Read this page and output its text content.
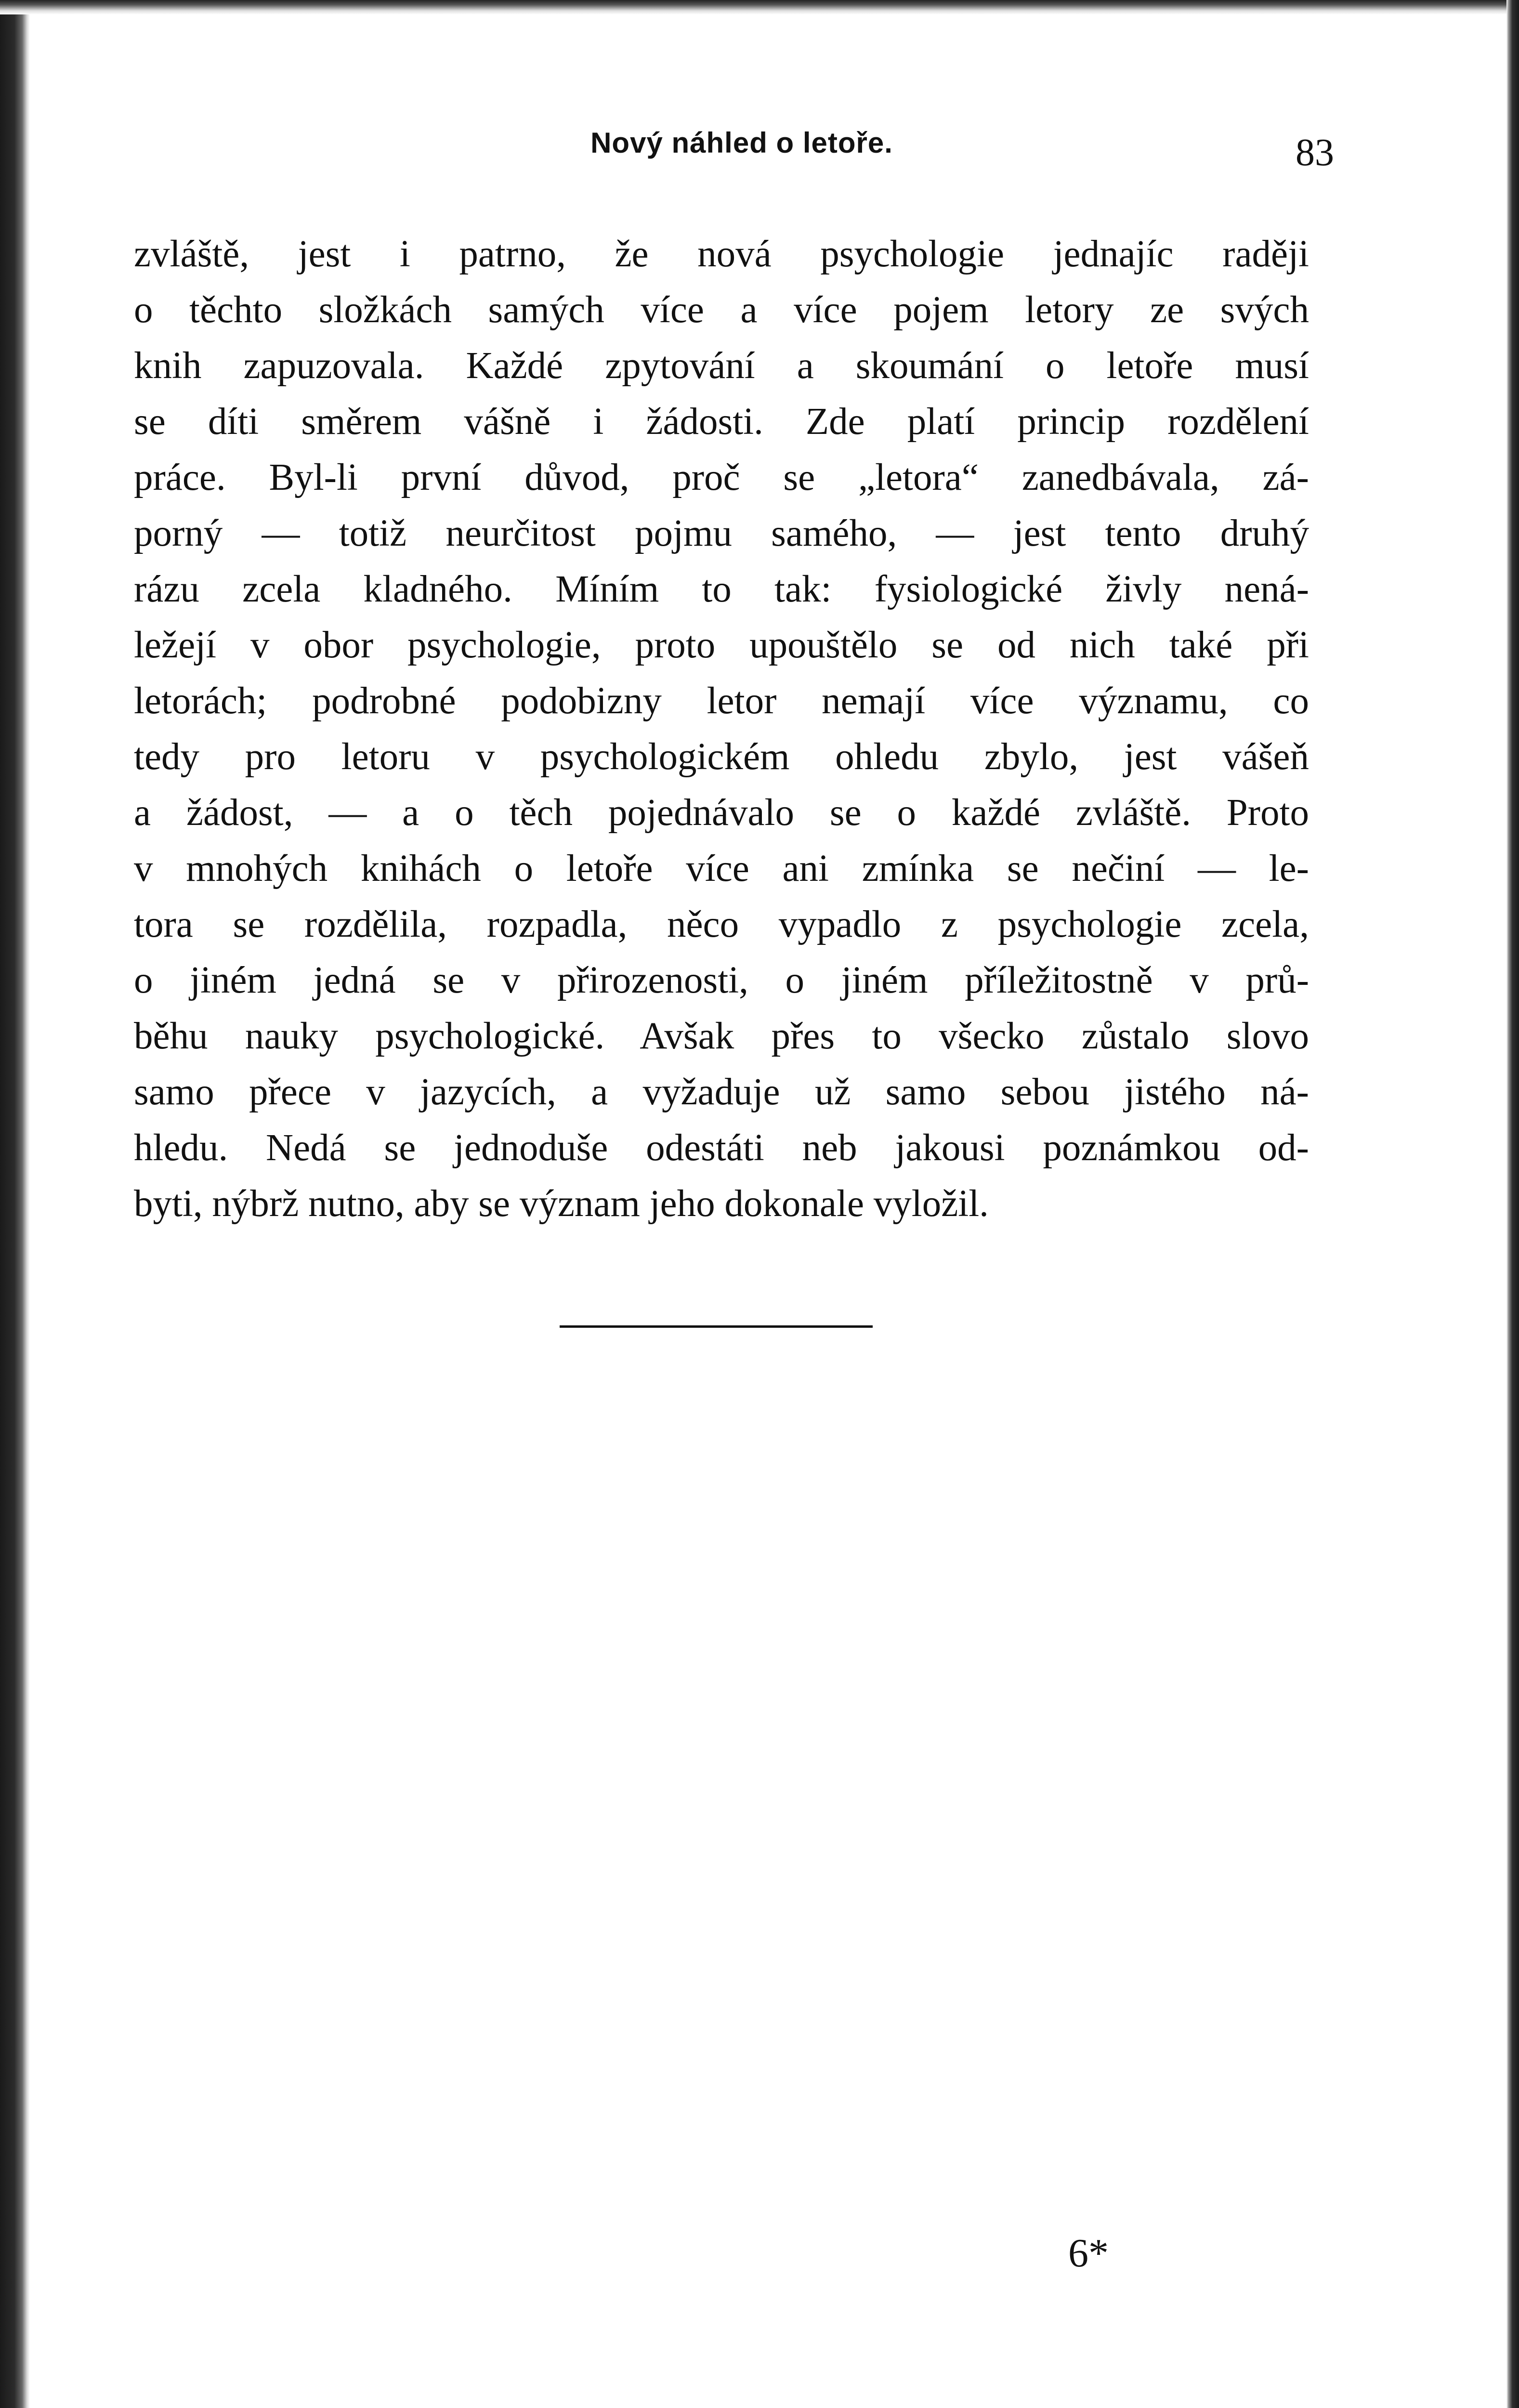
Nový náhled o letoře.	83
zvláště, jest i patrno, že nová psychologie jednajíc raději
o těchto složkách samých více a více pojem letory ze svých
knih zapuzovala. Každé zpytování a skoumání o letoře musí
se díti směrem vášně i žádosti. Zde platí princip rozdělení
práce. Byl-li první důvod, proč se „letora“ zanedbávala, zá-
porný — totiž neurčitost pojmu samého, — jest tento druhý
rázu zcela kladného. Míním to tak: fysiologické živly nená-
ležejí v obor psychologie, proto upouštělo se od nich také při
letorách; podrobné podobizny letor nemají více významu, co
tedy pro letoru v psychologickém ohledu zbylo, jest vášeň
a žádost, — a o těch pojednávalo se o každé zvláště. Proto
v mnohých knihách o letoře více ani zmínka se nečiní — le-
tora se rozdělila, rozpadla, něco vypadlo z psychologie zcela,
o jiném jedná se v přirozenosti, o jiném příležitostně v prů-
běhu nauky psychologické. Avšak přes to všecko zůstalo slovo
samo přece v jazycích, a vyžaduje už samo sebou jistého ná-
hledu. Nedá se jednoduše odestáti neb jakousi poznámkou od-
byti, nýbrž nutno, aby se význam jeho dokonale vyložil.
6*
